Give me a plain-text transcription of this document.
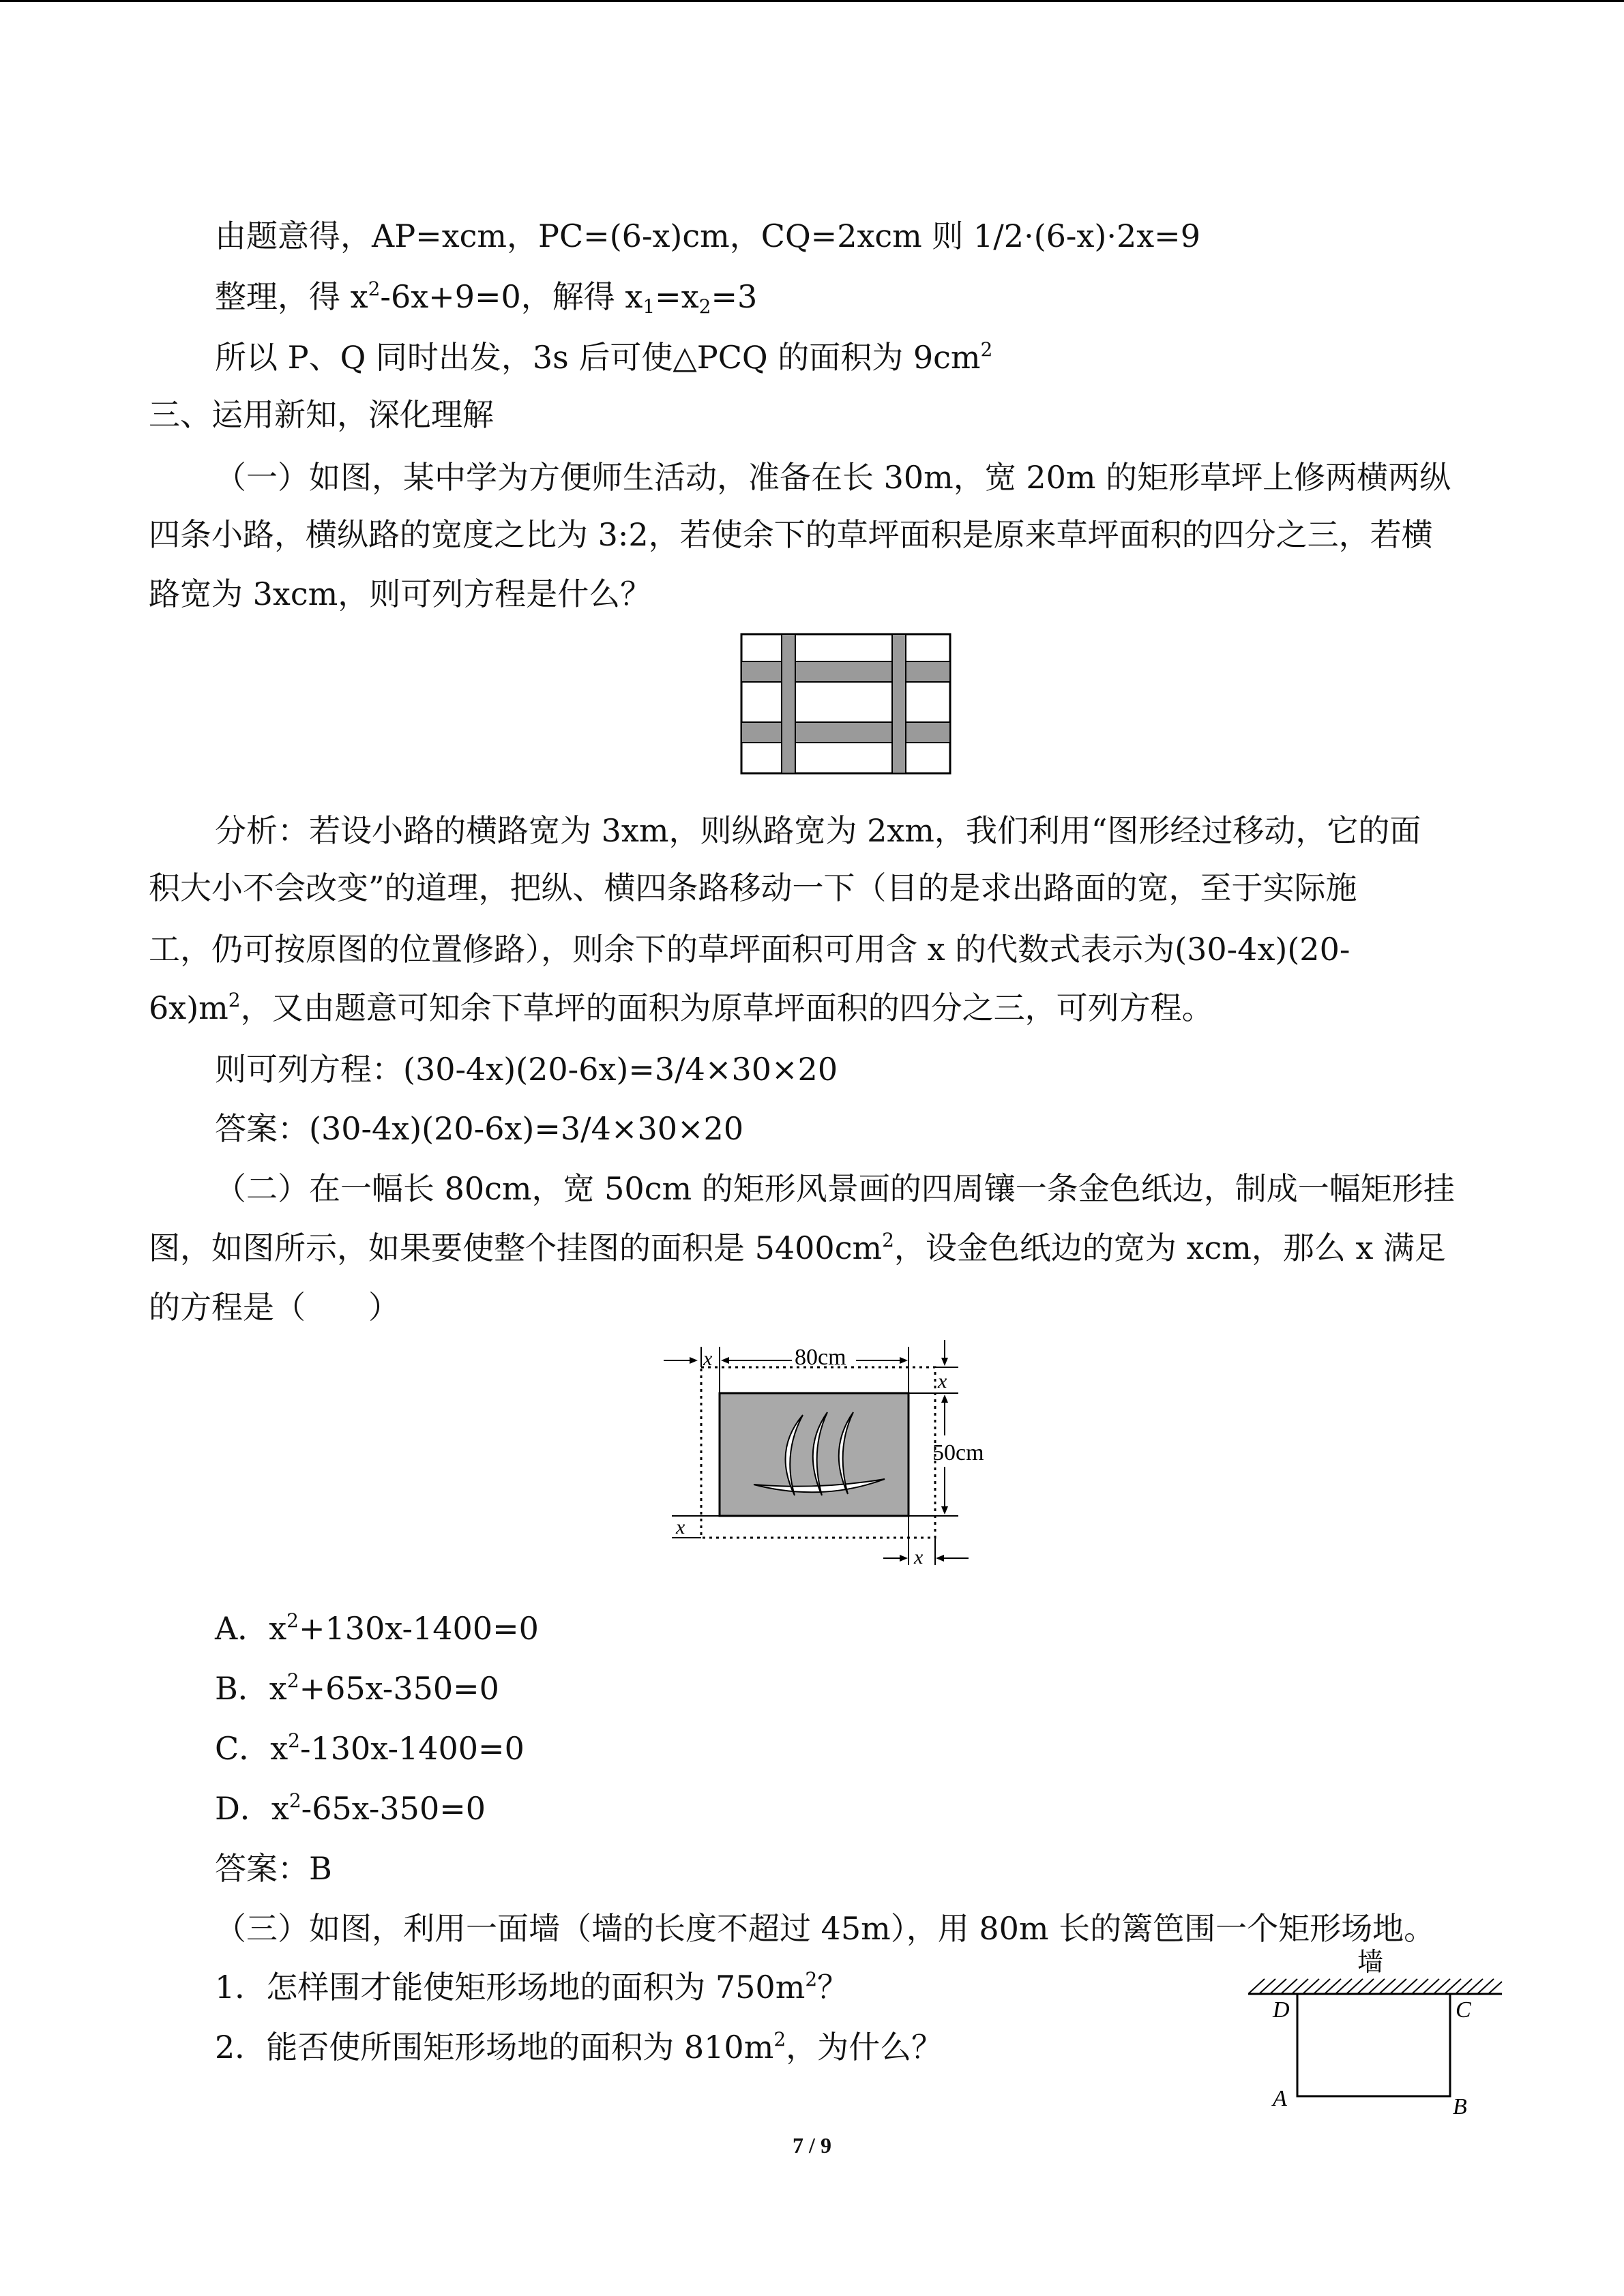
由题意得，AP=xcm，PC=(6-x)cm，CQ=2xcm 则 1/2·(6-x)·2x=9
整理，得 $x^2-6x+9=0$，解得 $x_1=x_2=3$
所以 P、Q 同时出发，3s 后可使△PCQ 的面积为 $9cm^2$
三、运用新知，深化理解
（一）如图，某中学为方便师生活动，准备在长 30m，宽 20m 的矩形草坪上修两横两纵
四条小路，横纵路的宽度之比为 3:2，若使余下的草坪面积是原来草坪面积的四分之三，若横
路宽为 3xcm，则可列方程是什么？
分析：若设小路的横路宽为 3xm，则纵路宽为 2xm，我们利用“图形经过移动，它的面
积大小不会改变”的道理，把纵、横四条路移动一下（目的是求出路面的宽，至于实际施
工，仍可按原图的位置修路），则余下的草坪面积可用含 x 的代数式表示为(30-4x)(20-
$6x)m^2$，又由题意可知余下草坪的面积为原草坪面积的四分之三，可列方程。
则可列方程：(30-4x)(20-6x)=3/4×30×20
答案：(30-4x)(20-6x)=3/4×30×20
（二）在一幅长 80cm，宽 50cm 的矩形风景画的四周镶一条金色纸边，制成一幅矩形挂
图，如图所示，如果要使整个挂图的面积是 $5400cm^2$，设金色纸边的宽为 xcm，那么 x 满足
的方程是（　　）
x	80cm
x
50cm
x
x
A．$x^2+130x-1400=0$
B．$x^2+65x-350=0$
C．$x^2-130x-1400=0$
D．$x^2-65x-350=0$
答案：B
（三）如图，利用一面墙（墙的长度不超过 45m），用 80m 长的篱笆围一个矩形场地。
1．怎样围才能使矩形场地的面积为 $750m^2$？
2．能否使所围矩形场地的面积为 $810m^2$，为什么？
墙
D	C
A	B
7 / 9
